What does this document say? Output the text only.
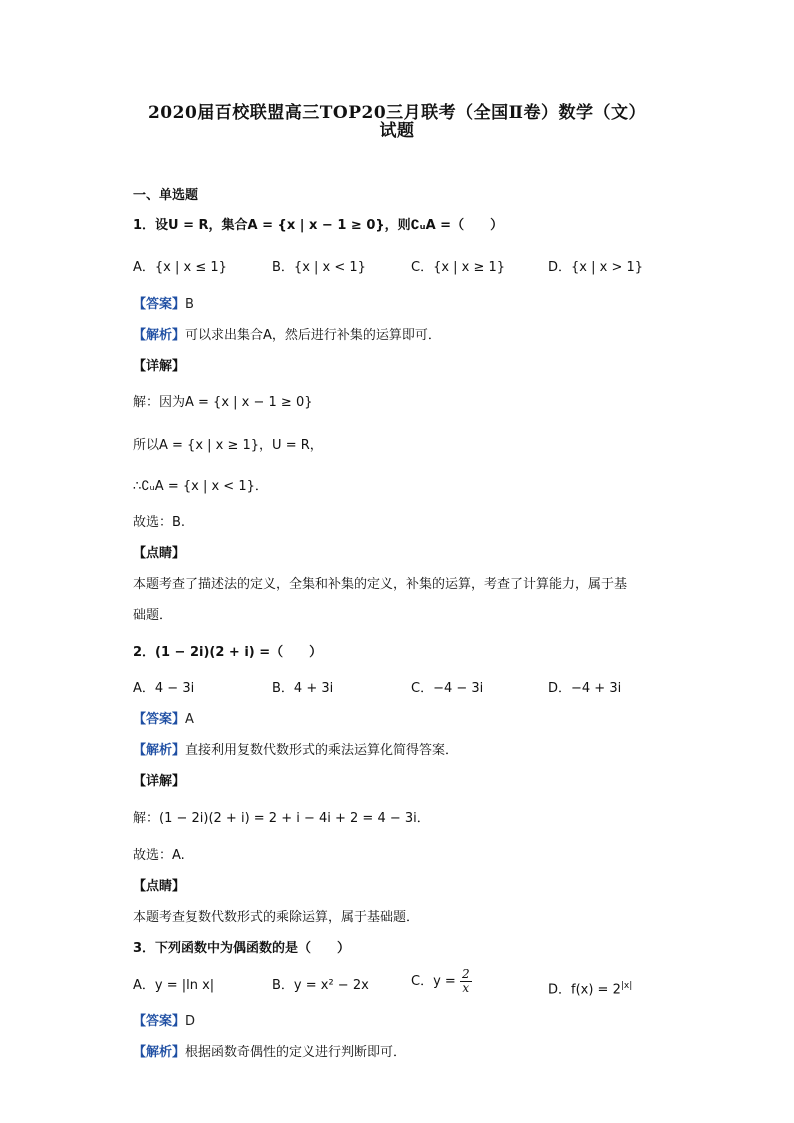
2020届百校联盟高三TOP20三月联考（全国Ⅱ卷）数学（文）
试题
一、单选题
1．设U = R，集合A = {x | x − 1 ≥ 0}，则∁ᵤA =（　　）
A．{x | x ≤ 1}	B．{x | x < 1}	C．{x | x ≥ 1}	D．{x | x > 1}
【答案】B
【解析】可以求出集合A，然后进行补集的运算即可．
【详解】
解：因为A = {x | x − 1 ≥ 0}
所以A = {x | x ≥ 1}，U = R，
∴∁ᵤA = {x | x < 1}．
故选：B.
【点睛】
本题考查了描述法的定义，全集和补集的定义，补集的运算，考查了计算能力，属于基
础题．
2．(1 − 2i)(2 + i) =（　　）
A．4 − 3i	B．4 + 3i	C．−4 − 3i	D．−4 + 3i
【答案】A
【解析】直接利用复数代数形式的乘法运算化简得答案．
【详解】
解：(1 − 2i)(2 + i) = 2 + i − 4i + 2 = 4 − 3i．
故选：A.
【点睛】
本题考查复数代数形式的乘除运算，属于基础题．
3．下列函数中为偶函数的是（　　）
A．y = |ln x|	B．y = x² − 2x	C．$y = \frac{2}{x}$	D．$f(x) = 2^{|x|}$
【答案】D
【解析】根据函数奇偶性的定义进行判断即可．
